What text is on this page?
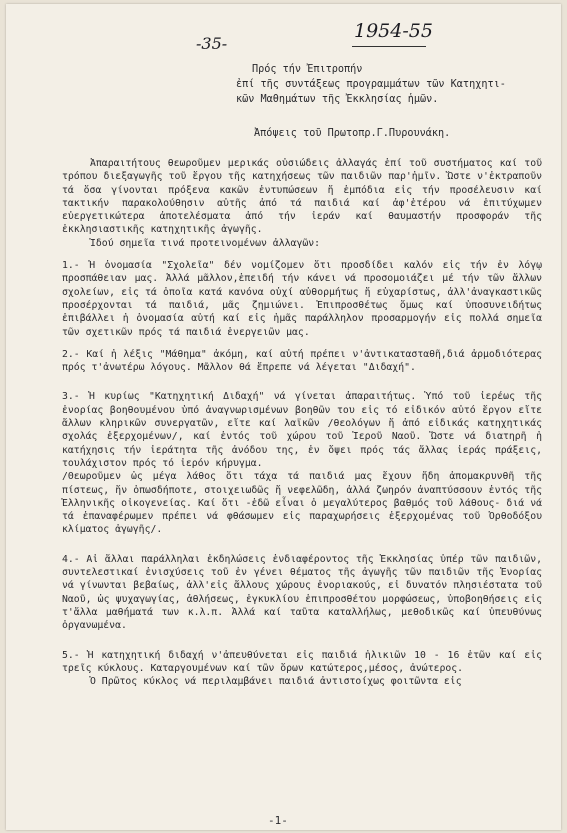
-35-
1954-55
Πρός τήν Ἐπιτροπήν
ἐπί τῆς συντάξεως προγραμμάτων τῶν Κατηχητι-
κῶν Μαθημάτων τῆς Ἐκκλησίας ἡμῶν.
Ἀπόψεις τοῦ Πρωτοπρ.Γ.Πυρουνάκη.

Ἀπαραιτήτους θεωροῦμεν μερικάς οὐσιώδεις ἀλλαγάς ἐπί τοῦ συστήματος καί τοῦ τρόπου διεξαγωγῆς τοῦ ἔργου τῆς κατηχήσεως τῶν παιδιῶν παρ'ἡμῖν. Ὥστε ν'ἐκτραποῦν τά ὅσα γίνονται πρόξενα κακῶν ἐντυπώσεων ἤ ἐμπόδια εἰς τήν προσέλευσιν καί τακτικήν παρακολούθησιν αὐτῆς ἀπό τά παιδιά καί ἀφ'ἑτέρου νά ἐπιτύχωμεν εὐεργετικώτερα ἀποτελέσματα ἀπό τήν ἱεράν καί θαυμαστήν προσφοράν τῆς ἐκκλησιαστικῆς κατηχητικῆς ἀγωγῆς.

Ἰδού σημεῖα τινά προτεινομένων ἀλλαγῶν:

1.- Ἡ ὀνομασία "Σχολεῖα" δέν νομίζομεν ὅτι προσδίδει καλόν εἰς τήν ἐν λόγῳ προσπάθειαν μας. Ἀλλά μᾶλλον,ἐπειδή τήν κάνει νά προσομοιάζει μέ τήν τῶν ἄλλων σχολείων, εἰς τά ὁποῖα κατά κανόνα οὐχί αὐθορμήτως ἤ εὐχαρίστως, ἀλλ'ἀναγκαστικῶς προσέρχονται τά παιδιά, μᾶς ζημιώνει. Ἐπιπροσθέτως ὅμως καί ὑποσυνειδήτως ἐπιβάλλει ἡ ὀνομασία αὐτή καί εἰς ἡμᾶς παράλληλον προσαρμογήν εἰς πολλά σημεῖα τῶν σχετικῶν πρός τά παιδιά ἐνεργειῶν μας.

2.- Καί ἡ λέξις "Μάθημα" ἀκόμη, καί αὐτή πρέπει ν'ἀντικατασταθῆ,διά ἀρμοδιότερας πρός τ'ἀνωτέρω λόγους. Μᾶλλον θά ἔπρεπε νά λέγεται "Διδαχή".

3.- Ἡ κυρίως "Κατηχητική Διδαχή" νά γίνεται ἀπαραιτήτως. Ὑπό τοῦ ἱερέως τῆς ἐνορίας βοηθουμένου ὑπό ἀναγνωρισμένων βοηθῶν του εἰς τό εἰδικόν αὐτό ἔργον εἴτε ἄλλων κληρικῶν συνεργατῶν, εἴτε καί λαϊκῶν /θεολόγων ἤ ἀπό εἰδικάς κατηχητικάς σχολάς ἐξερχομένων/, καί ἐντός τοῦ χώρου τοῦ Ἱεροῦ Ναοῦ. Ὥστε νά διατηρῆ ἡ κατήχησις τήν ἱεράτητα τῆς ἀνόδου της, ἐν ὄψει πρός τάς ἄλλας ἱεράς πράξεις, τουλάχιστον πρός τό ἱερόν κήρυγμα.

/Θεωροῦμεν ὡς μέγα λάθος ὅτι τάχα τά παιδιά μας ἔχουν ἤδη ἀπομακρυνθῆ τῆς πίστεως, ἥν ὁπωσδήποτε, στοιχειωδῶς ἤ νεφελῶδη, ἀλλά ζωηρόν ἀναπτύσσουν ἐντός τῆς Ἑλληνικῆς οἰκογενείας. Καί ὅτι -ἐδῶ εἶναι ὁ μεγαλύτερος βαθμός τοῦ λάθους- διά νά τά ἐπαναφέρωμεν πρέπει νά φθάσωμεν εἰς παραχωρήσεις ἐξερχομένας τοῦ Ὀρθοδόξου κλίματος ἀγωγῆς/.

4.- Αἱ ἄλλαι παράλληλαι ἐκδηλώσεις ἐνδιαφέροντος τῆς Ἐκκλησίας ὑπέρ τῶν παιδιῶν, συντελεστικαί ἐνισχύσεις τοῦ ἐν γένει θέματος τῆς ἀγωγῆς τῶν παιδιῶν τῆς Ἐνορίας νά γίνωνται βεβαίως, ἀλλ'εἰς ἄλλους χώρους ἐνοριακούς, εἰ δυνατόν πλησιέστατα τοῦ Ναοῦ, ὡς ψυχαγωγίας, ἀθλήσεως, ἐγκυκλίου ἐπιπροσθέτου μορφώσεως, ὑποβοηθήσεις εἰς τ'ἄλλα μαθήματά των κ.λ.π. Ἀλλά καί ταῦτα καταλλήλως, μεθοδικῶς καί ὑπευθύνως ὀργανωμένα.

5.- Ἡ κατηχητική διδαχή ν'ἀπευθύνεται εἰς παιδιά ἡλικιῶν 10 - 16 ἐτῶν καί εἰς τρεῖς κύκλους. Καταργουμένων καί τῶν ὅρων κατώτερος,μέσος, ἀνώτερος.

Ὁ Πρῶτος κύκλος νά περιλαμβάνει παιδιά ἀντιστοίχως φοιτῶντα εἰς

-1-
